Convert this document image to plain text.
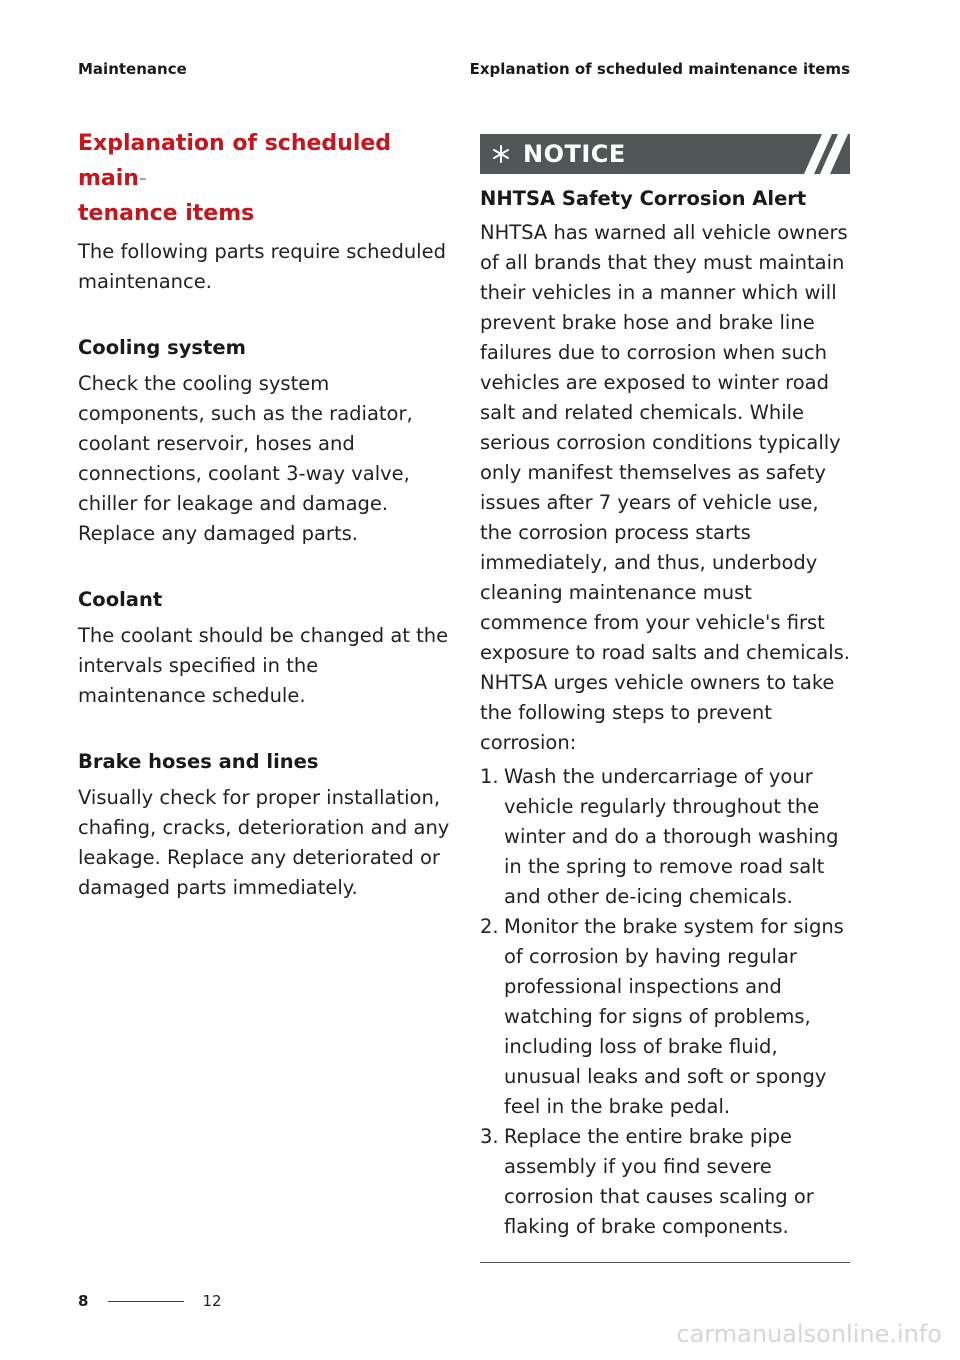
Maintenance	Explanation of scheduled maintenance items
Explanation of scheduled main-
tenance items

The following parts require scheduled maintenance.

Cooling system

Check the cooling system components, such as the radiator, coolant reservoir, hoses and connections, coolant 3-way valve, chiller for leakage and damage. Replace any damaged parts.

Coolant

The coolant should be changed at the intervals specified in the maintenance schedule.

Brake hoses and lines

Visually check for proper installation, chafing, cracks, deterioration and any leakage. Replace any deteriorated or damaged parts immediately.

NOTICE
NHTSA Safety Corrosion Alert

NHTSA has warned all vehicle owners of all brands that they must maintain their vehicles in a manner which will prevent brake hose and brake line failures due to corrosion when such vehicles are exposed to winter road salt and related chemicals. While serious corrosion conditions typically only manifest themselves as safety issues after 7 years of vehicle use, the corrosion process starts immediately, and thus, underbody cleaning maintenance must commence from your vehicle's first exposure to road salts and chemicals. NHTSA urges vehicle owners to take the following steps to prevent corrosion:

1. Wash the undercarriage of your vehicle regularly throughout the winter and do a thorough washing in the spring to remove road salt and other de-icing chemicals.
2. Monitor the brake system for signs of corrosion by having regular professional inspections and watching for signs of problems, including loss of brake fluid, unusual leaks and soft or spongy feel in the brake pedal.
3. Replace the entire brake pipe assembly if you find severe corrosion that causes scaling or flaking of brake components.
8	12
carmanualsonline.info
